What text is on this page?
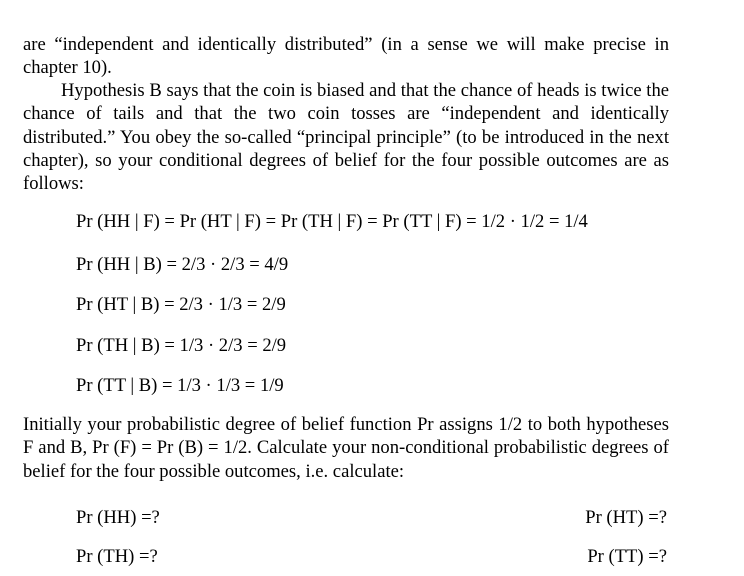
are “independent and identically distributed” (in a sense we will make precise in chapter 10).
Hypothesis B says that the coin is biased and that the chance of heads is twice the chance of tails and that the two coin tosses are “independent and identically distributed.” You obey the so-called “principal principle” (to be introduced in the next chapter), so your conditional degrees of belief for the four possible outcomes are as follows:
Pr (HH | F) = Pr (HT | F) = Pr (TH | F) = Pr (TT | F) = 1/2 · 1/2 = 1/4
Pr (HH | B) = 2/3 · 2/3 = 4/9
Pr (HT | B) = 2/3 · 1/3 = 2/9
Pr (TH | B) = 1/3 · 2/3 = 2/9
Pr (TT | B) = 1/3 · 1/3 = 1/9
Initially your probabilistic degree of belief function Pr assigns 1/2 to both hypotheses F and B, Pr (F) = Pr (B) = 1/2. Calculate your non-conditional probabilistic degrees of belief for the four possible outcomes, i.e. calculate:
Pr (HH) =?	Pr (HT) =?
Pr (TH) =?	Pr (TT) =?
